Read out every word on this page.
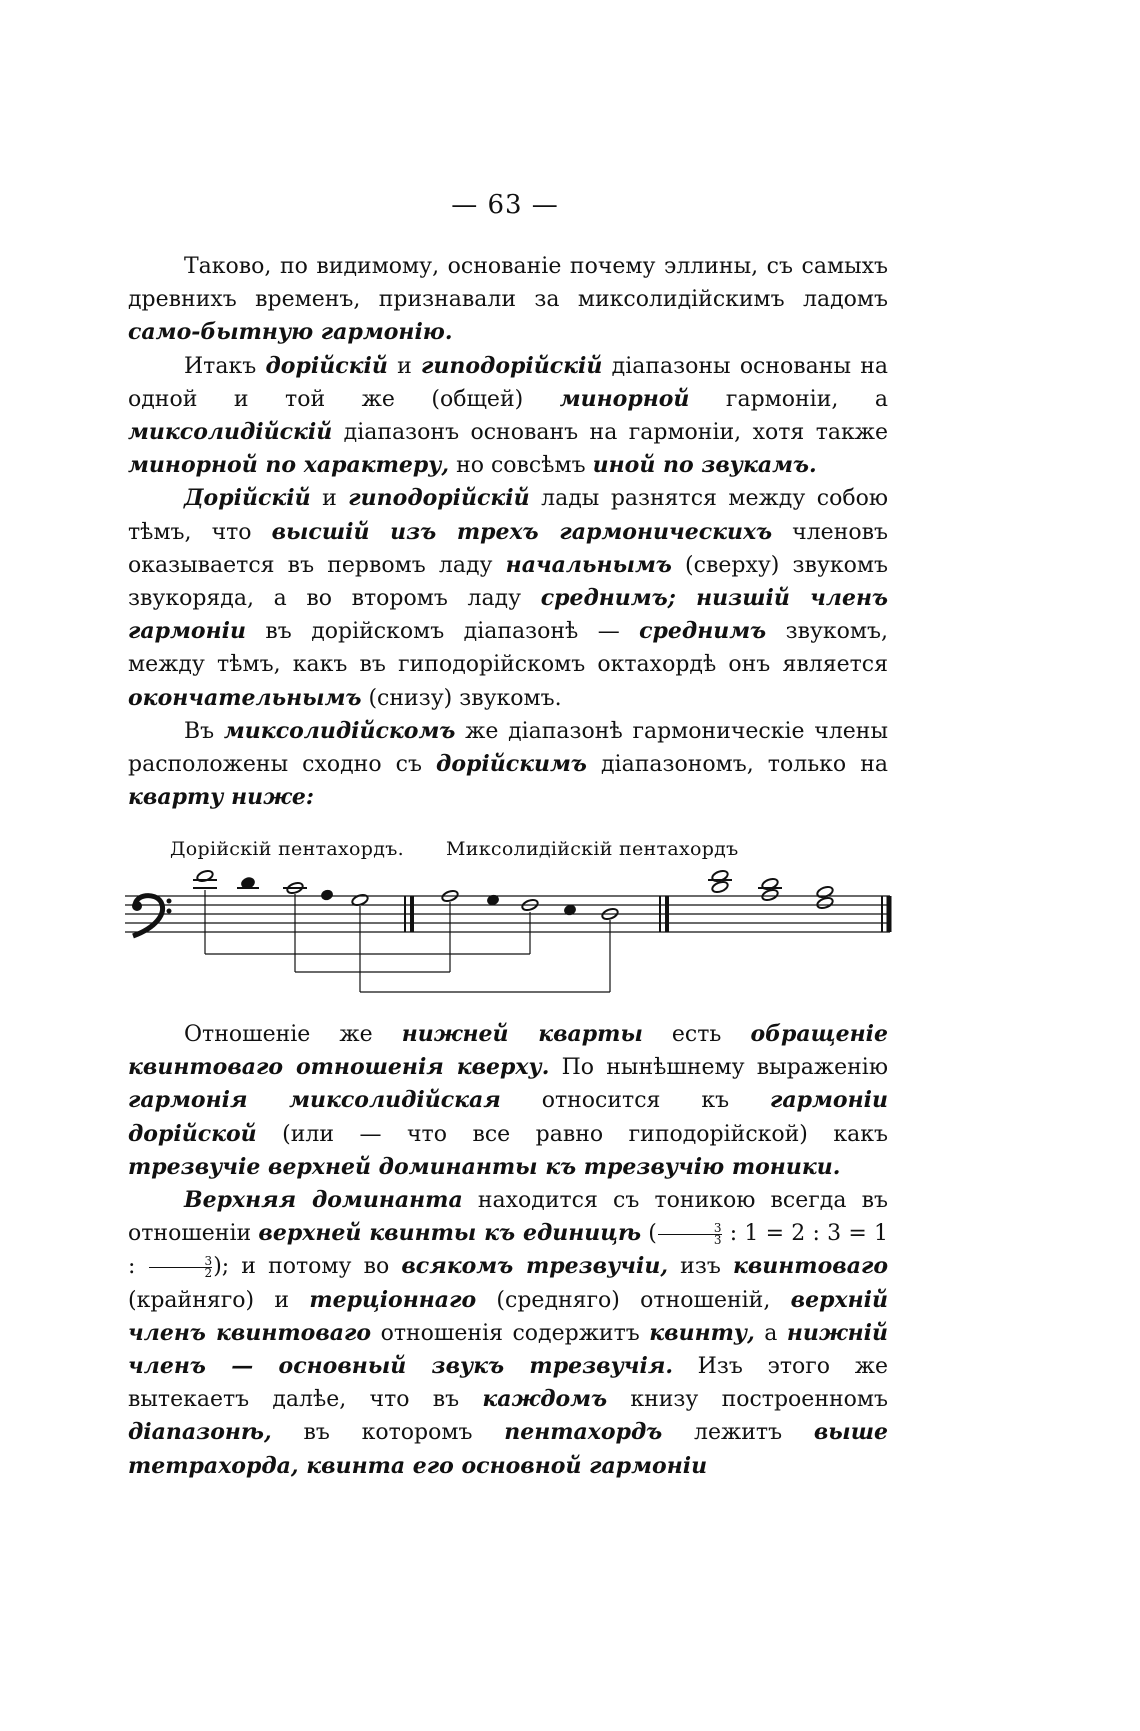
— 63 —

Таково, по видимому, основаніе почему эллины, съ самыхъ древнихъ временъ, признавали за миксолидійскимъ ладомъ само-бытную гармонію.

Итакъ дорійскій и гиподорійскій діапазоны основаны на одной и той же (общей) минорной гармоніи, а миксолидійскій діапазонъ основанъ на гармоніи, хотя также минорной по характеру, но совсѣмъ иной по звукамъ.

Дорійскій и гиподорійскій лады разнятся между собою тѣмъ, что высшій изъ трехъ гармоническихъ членовъ оказывается въ первомъ ладу начальнымъ (сверху) звукомъ звукоряда, а во второмъ ладу среднимъ; низшій членъ гармоніи въ дорійскомъ діапазонѣ — среднимъ звукомъ, между тѣмъ, какъ въ гиподорійскомъ октахордѣ онъ является окончательнымъ (снизу) звукомъ.

Въ миксолидійскомъ же діапазонѣ гармоническіе члены расположены сходно съ дорійскимъ діапазономъ, только на кварту ниже:

Дорійскій пентахордъ. Миксолидійскій пентахордъ

Отношеніе же нижней кварты есть обращеніе квинтоваго отношенія кверху. По нынѣшнему выраженію гармонія миксолидійская относится къ гармоніи дорійской (или — что все равно гиподорійской) какъ трезвучіе верхней доминанты къ трезвучію тоники.

Верхняя доминанта находится съ тоникою всегда въ отношеніи верхней квинты къ единицѣ ( $\frac{3}{3}$ : 1 = 2 : 3 = 1 : $\frac{3}{2}$ ); и потому во всякомъ трезвучіи, изъ квинтоваго (крайняго) и терціоннаго (средняго) отношеній, верхній членъ квинтоваго отношенія содержитъ квинту, а нижній членъ — основный звукъ трезвучія. Изъ этого же вытекаетъ далѣе, что въ каждомъ книзу построенномъ діапазонѣ, въ которомъ пентахордъ лежитъ выше тетрахорда, квинта его основной гармоніи
